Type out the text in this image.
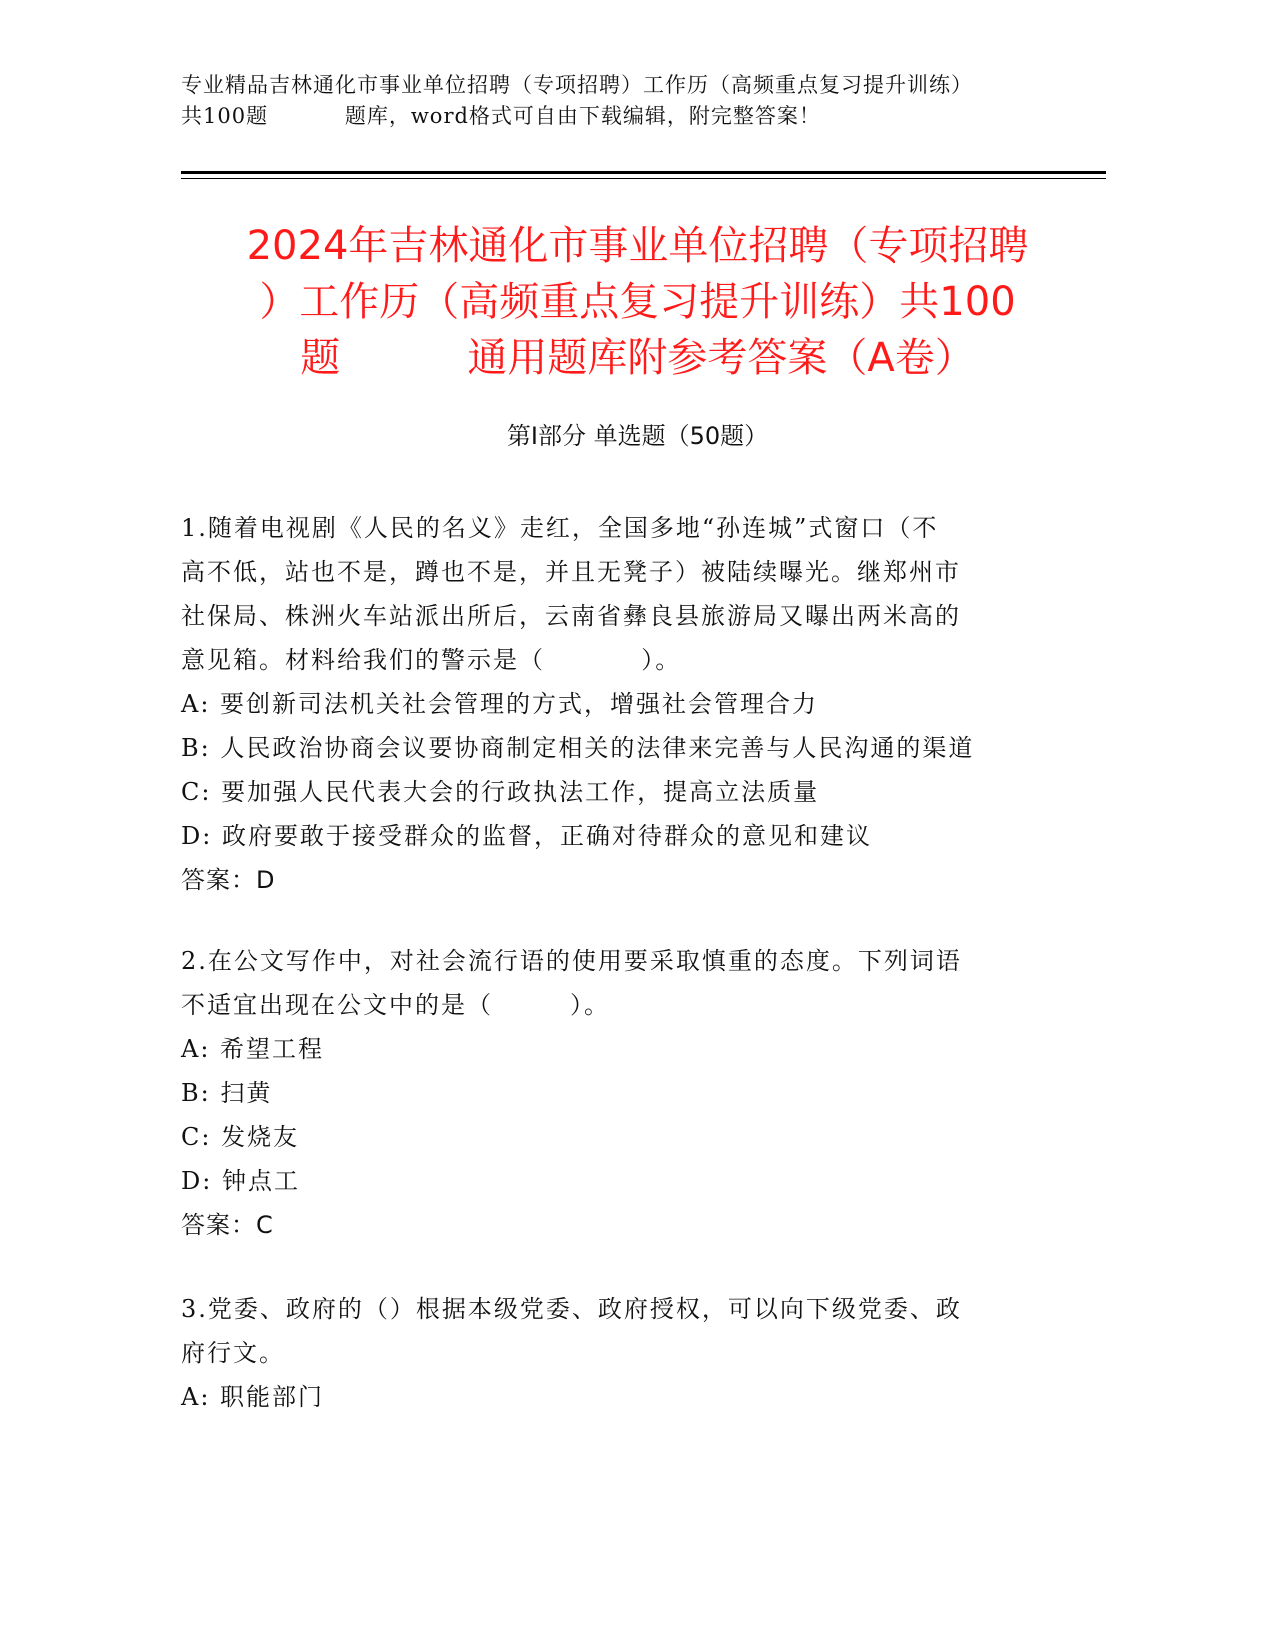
专业精品吉林通化市事业单位招聘（专项招聘）工作历（高频重点复习提升训练）
共100题          题库，word格式可自由下载编辑，附完整答案！
2024年吉林通化市事业单位招聘（专项招聘
）工作历（高频重点复习提升训练）共100
题          通用题库附参考答案（A卷）
第Ⅰ部分 单选题（50题）

1.随着电视剧《人民的名义》走红，全国多地“孙连城”式窗口（不

高不低，站也不是，蹲也不是，并且无凳子）被陆续曝光。继郑州市

社保局、株洲火车站派出所后，云南省彝良县旅游局又曝出两米高的

意见箱。材料给我们的警示是（          ）。

A: 要创新司法机关社会管理的方式，增强社会管理合力

B: 人民政治协商会议要协商制定相关的法律来完善与人民沟通的渠道

C: 要加强人民代表大会的行政执法工作，提高立法质量

D: 政府要敢于接受群众的监督，正确对待群众的意见和建议

答案：D

2.在公文写作中，对社会流行语的使用要采取慎重的态度。下列词语

不适宜出现在公文中的是（        ）。

A: 希望工程

B: 扫黄

C: 发烧友

D: 钟点工

答案：C

3.党委、政府的（）根据本级党委、政府授权，可以向下级党委、政

府行文。

A: 职能部门
